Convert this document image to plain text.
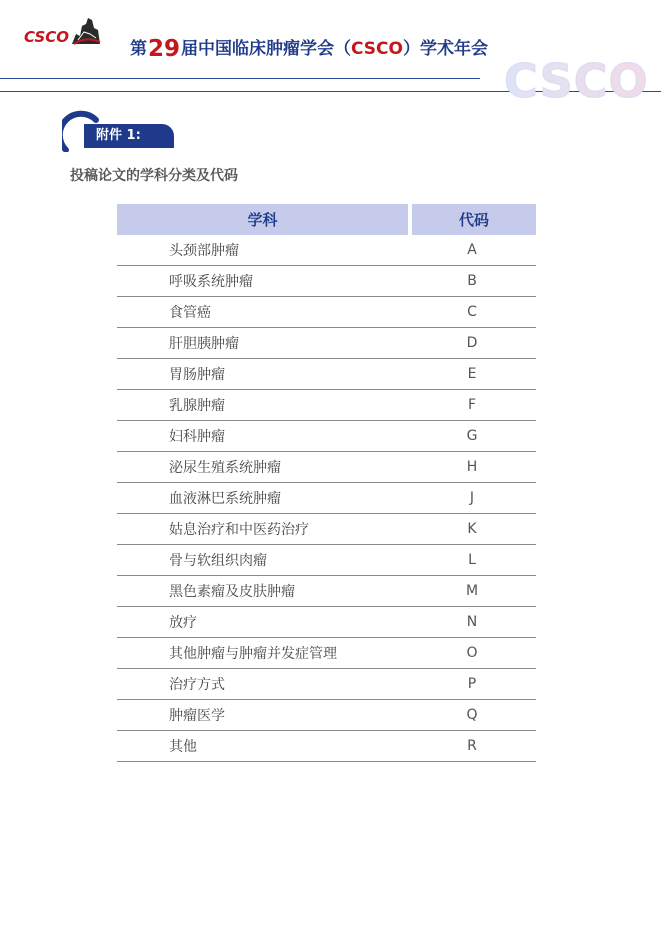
CSCO
第29届中国临床肿瘤学会（CSCO）学术年会
CSCO
附件 1:
投稿论文的学科分类及代码
学科	代码
头颈部肿瘤	A
呼吸系统肿瘤	B
食管癌	C
肝胆胰肿瘤	D
胃肠肿瘤	E
乳腺肿瘤	F
妇科肿瘤	G
泌尿生殖系统肿瘤	H
血液淋巴系统肿瘤	J
姑息治疗和中医药治疗	K
骨与软组织肉瘤	L
黑色素瘤及皮肤肿瘤	M
放疗	N
其他肿瘤与肿瘤并发症管理	O
治疗方式	P
肿瘤医学	Q
其他	R
